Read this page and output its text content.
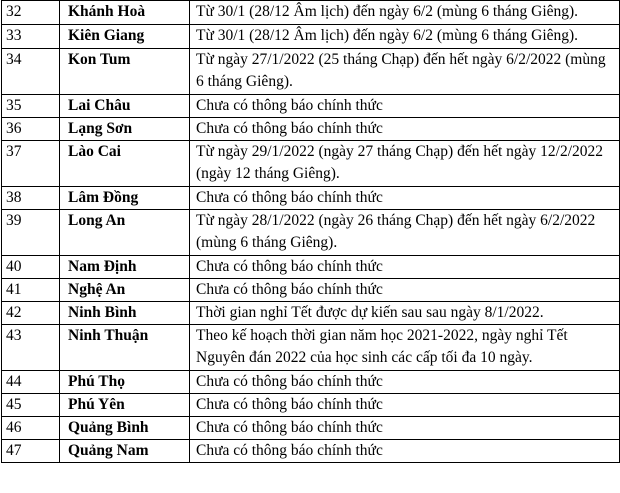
32	Khánh Hoà	Từ 30/1 (28/12 Âm lịch) đến ngày 6/2 (mùng 6 tháng Giêng).
33	Kiên Giang	Từ 30/1 (28/12 Âm lịch) đến ngày 6/2 (mùng 6 tháng Giêng).
34	Kon Tum	Từ ngày 27/1/2022 (25 tháng Chạp) đến hết ngày 6/2/2022 (mùng 6 tháng Giêng).
35	Lai Châu	Chưa có thông báo chính thức
36	Lạng Sơn	Chưa có thông báo chính thức
37	Lào Cai	Từ ngày 29/1/2022 (ngày 27 tháng Chạp) đến hết ngày 12/2/2022 (ngày 12 tháng Giêng).
38	Lâm Đồng	Chưa có thông báo chính thức
39	Long An	Từ ngày 28/1/2022 (ngày 26 tháng Chạp) đến hết ngày 6/2/2022 (mùng 6 tháng Giêng).
40	Nam Định	Chưa có thông báo chính thức
41	Nghệ An	Chưa có thông báo chính thức
42	Ninh Bình	Thời gian nghỉ Tết được dự kiến sau sau ngày 8/1/2022.
43	Ninh Thuận	Theo kế hoạch thời gian năm học 2021-2022, ngày nghỉ Tết Nguyên đán 2022 của học sinh các cấp tối đa 10 ngày.
44	Phú Thọ	Chưa có thông báo chính thức
45	Phú Yên	Chưa có thông báo chính thức
46	Quảng Bình	Chưa có thông báo chính thức
47	Quảng Nam	Chưa có thông báo chính thức
